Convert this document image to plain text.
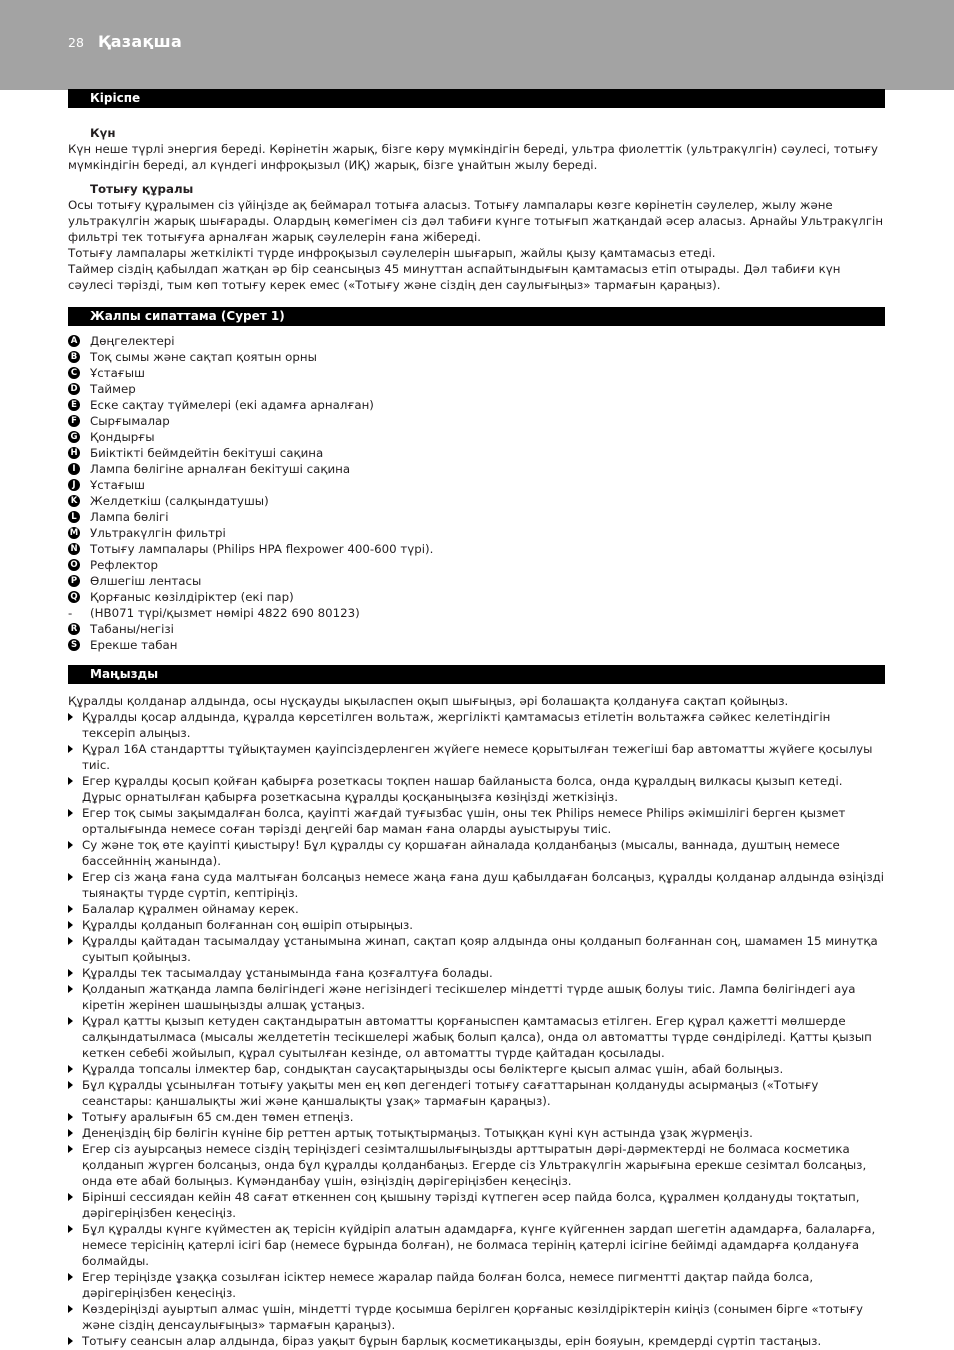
28 Қазақша
Кіріспе
Күн

Күн неше түрлі энергия береді. Көрінетін жарық, бізге көру мүмкіндігін береді, ультра фиолеттік (ультракүлгін) сәулесі, тотығу мүмкіндігін береді, ал күндегі инфроқызыл (ИҚ) жарық, бізге ұнайтын жылу береді.

Тотығу құралы

Осы тотығу құралымен сіз үйіңізде ақ беймарал тотыға аласыз. Тотығу лампалары көзге көрінетін сәулелер, жылу және ультракүлгін жарық шығарады. Олардың көмегімен сіз дәл табиғи күнге тотығып жатқандай әсер аласыз. Арнайы Ультракүлгін фильтрі тек тотығуға арналған жарық сәулелерін ғана жібереді.

Тотығу лампалары жеткілікті түрде инфроқызыл сәулелерін шығарып, жайлы қызу қамтамасыз етеді.

Таймер сіздің қабылдап жатқан әр бір сеансыңыз 45 минуттан аспайтындығын қамтамасыз етіп отырады. Дәл табиғи күн сәулесі тәрізді, тым көп тотығу керек емес («Тотығу және сіздің ден саулығыңыз» тармағын қараңыз).

Жалпы сипаттама (Сурет 1)
A Дөңгелектері
B Тоқ сымы және сақтап қоятын орны
C Ұстағыш
D Таймер
E Еске сақтау түймелері (екі адамға арналған)
F Сырғымалар
G Қондырғы
H Биіктікті беймдейтін бекітуші сақина
I	Лампа бөлігіне арналған бекітуші сақина
J	Ұстағыш
K Желдеткіш (салқындатушы)
L Лампа бөлігі
M Ультракүлгін фильтрі
N Тотығу лампалары (Philips HPA flexpower 400-600 түрі).
O Рефлектор
P Өлшегіш лентасы
Q Қорғаныс көзілдіріктер (екі пар)
- (HB071 түрі/қызмет нөмірі 4822 690 80123)
R Табаны/негізі
S Ерекше табан
Маңызды

Құралды қолданар алдында, осы нұсқауды ықыласпен оқып шығыңыз, әрі болашақта қолдануға сақтап қойыңыз.

Құралды қосар алдында, құралда көрсетілген вольтаж, жергілікті қамтамасыз етілетін вольтажға сәйкес келетіндігін тексеріп алыңыз.
Құрал 16A стандартты тұйықтаумен қауіпсіздерленген жүйеге немесе қорытылған тежегіші бар автоматты жүйеге қосылуы тиіс.
Егер құралды қосып қойған қабырға розеткасы тоқпен нашар байланыста болса, онда құралдың вилкасы қызып кетеді. Дұрыс орнатылған қабырға розеткасына құралды қосқаныңызға көзіңізді жеткізіңіз.
Егер тоқ сымы зақымдалған болса, қауіпті жағдай туғызбас үшін, оны тек Philips немесе Philips әкімшілігі берген қызмет орталығында немесе соған тәрізді деңгейі бар маман ғана оларды ауыстыруы тиіс.
Су және тоқ өте қауіпті қиыстыру! Бұл құралды су қоршаған айналада қолданбаңыз (мысалы, ваннада, душтың немесе бассейннің жанында).
Егер сіз жаңа ғана суда малтыған болсаңыз немесе жаңа ғана душ қабылдаған болсаңыз, құралды қолданар алдында өзіңізді тыянақты түрде сүртіп, кептіріңіз.
Балалар құралмен ойнамау керек.
Құралды қолданып болғаннан соң өшіріп отырыңыз.
Құралды қайтадан тасымалдау ұстанымына жинап, сақтап қояр алдында оны қолданып болғаннан соң, шамамен 15 минутқа суытып қойыңыз.
Құралды тек тасымалдау ұстанымында ғана қозғалтуға болады.
Қолданып жатқанда лампа бөлігіндегі және негізіндегі тесікшелер міндетті түрде ашық болуы тиіс. Лампа бөлігіндегі ауа кіретін жерінен шашыңызды алшақ ұстаңыз.
Құрал қатты қызып кетуден сақтандыратын автоматты қорғаныспен қамтамасыз етілген. Егер құрал қажетті мөлшерде салқындатылмаса (мысалы желдететін тесікшелері жабық болып қалса), онда ол автоматты түрде сөндіріледі. Қатты қызып кеткен себебі жойылып, құрал суытылған кезінде, ол автоматты түрде қайтадан қосылады.
Құралда топсалы ілмектер бар, сондықтан саусақтарыңызды осы бөліктерге қысып алмас үшін, абай болыңыз.
Бұл құралды ұсынылған тотығу уақыты мен ең көп дегендегі тотығу сағаттарынан қолдануды асырмаңыз («Тотығу сеанстары: қаншалықты жиі және қаншалықты ұзақ» тармағын қараңыз).
Тотығу аралығын 65 см.ден төмен етпеңіз.
Денеңіздің бір бөлігін күніне бір реттен артық тотықтырмаңыз. Тотыққан күні күн астында ұзақ жүрмеңіз.
Егер сіз ауырсаңыз немесе сіздің теріңіздегі сезімталшылығыңызды арттыратын дәрі-дәрмектерді не болмаса косметика қолданып жүрген болсаңыз, онда бұл құралды қолданбаңыз. Егерде сіз Ультракүлгін жарығына ерекше сезімтал болсаңыз, онда өте абай болыңыз. Күмәнданбау үшін, өзіңіздің дәрігеріңізбен кеңесіңіз.
Бірінші сессиядан кейін 48 сағат өткеннен соң қышыну тәрізді күтпеген әсер пайда болса, құралмен қолдануды тоқтатып, дәрігеріңізбен кеңесіңіз.
Бұл құралды күнге күйместен ақ терісін күйдіріп алатын адамдарға, күнге күйгеннен зардап шегетін адамдарға, балаларға, немесе терісінің қатерлі ісігі бар (немесе бұрында болған), не болмаса терінің қатерлі ісігіне бейімді адамдарға қолдануға болмайды.
Егер теріңізде ұзаққа созылған ісіктер немесе жаралар пайда болған болса, немесе пигментті дақтар пайда болса, дәрігеріңізбен кеңесіңіз.
Көздеріңізді ауыртып алмас үшін, міндетті түрде қосымша берілген қорғаныс көзілдіріктерін киіңіз (сонымен бірге «тотығу және сіздің денсаулығыңыз» тармағын қараңыз).
Тотығу сеансын алар алдында, біраз уақыт бұрын барлық косметикаңызды, ерін бояуын, кремдерді сүртіп тастаңыз.
